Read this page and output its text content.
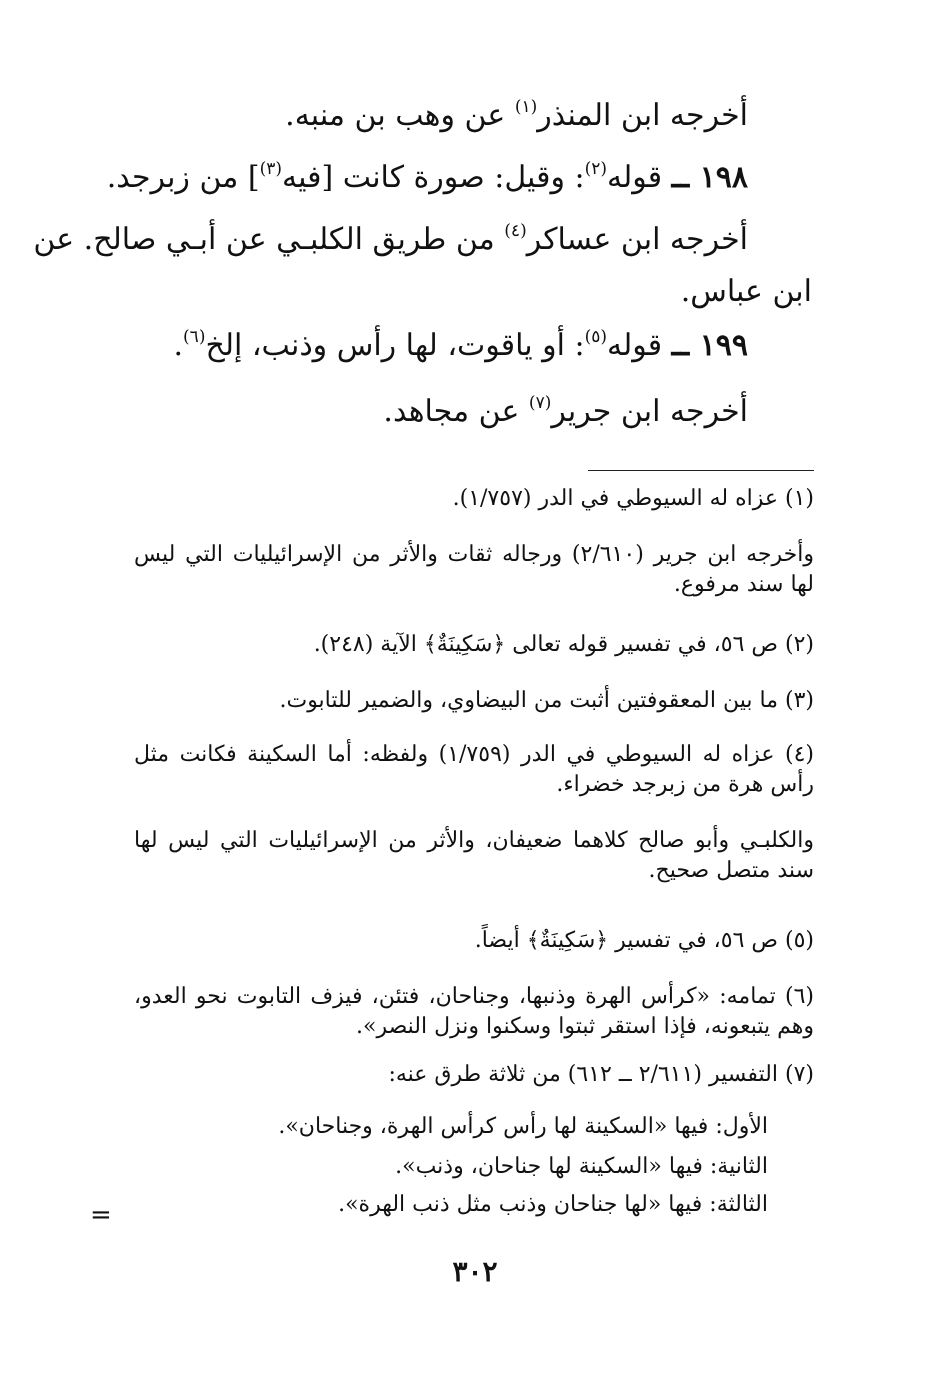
أخرجه ابن المنذر$^{(١)}$ عن وهب بن منبه.
١٩٨ ــ قوله$^{(٢)}$: وقيل: صورة كانت [فيه$^{(٣)}$] من زبرجد.
أخرجه ابن عساكر$^{(٤)}$ من طريق الكلبـي عن أبـي صالح. عن
ابن عباس.
١٩٩ ــ قوله$^{(٥)}$: أو ياقوت، لها رأس وذنب، إلخ$^{(٦)}$.
أخرجه ابن جرير$^{(٧)}$ عن مجاهد.
(١) عزاه له السيوطي في الدر (١/٧٥٧).
وأخرجه ابن جرير (٢/٦١٠) ورجاله ثقات والأثر من الإسرائيليات التي ليس لها سند مرفوع.
(٢) ص ٥٦، في تفسير قوله تعالى ﴿سَكِينَةٌ﴾ الآية (٢٤٨).
(٣) ما بين المعقوفتين أثبت من البيضاوي، والضمير للتابوت.
(٤) عزاه له السيوطي في الدر (١/٧٥٩) ولفظه: أما السكينة فكانت مثل رأس هرة من زبرجد خضراء.
والكلبـي وأبو صالح كلاهما ضعيفان، والأثر من الإسرائيليات التي ليس لها سند متصل صحيح.
(٥) ص ٥٦، في تفسير ﴿سَكِينَةٌ﴾ أيضاً.
(٦) تمامه: «كرأس الهرة وذنبها، وجناحان، فتئن، فيزف التابوت نحو العدو، وهم يتبعونه، فإذا استقر ثبتوا وسكنوا ونزل النصر».
(٧) التفسير (٢/٦١١ ــ ٦١٢) من ثلاثة طرق عنه:
الأول: فيها «السكينة لها رأس كرأس الهرة، وجناحان».
الثانية: فيها «السكينة لها جناحان، وذنب».
الثالثة: فيها «لها جناحان وذنب مثل ذنب الهرة».
=
٣٠٢
